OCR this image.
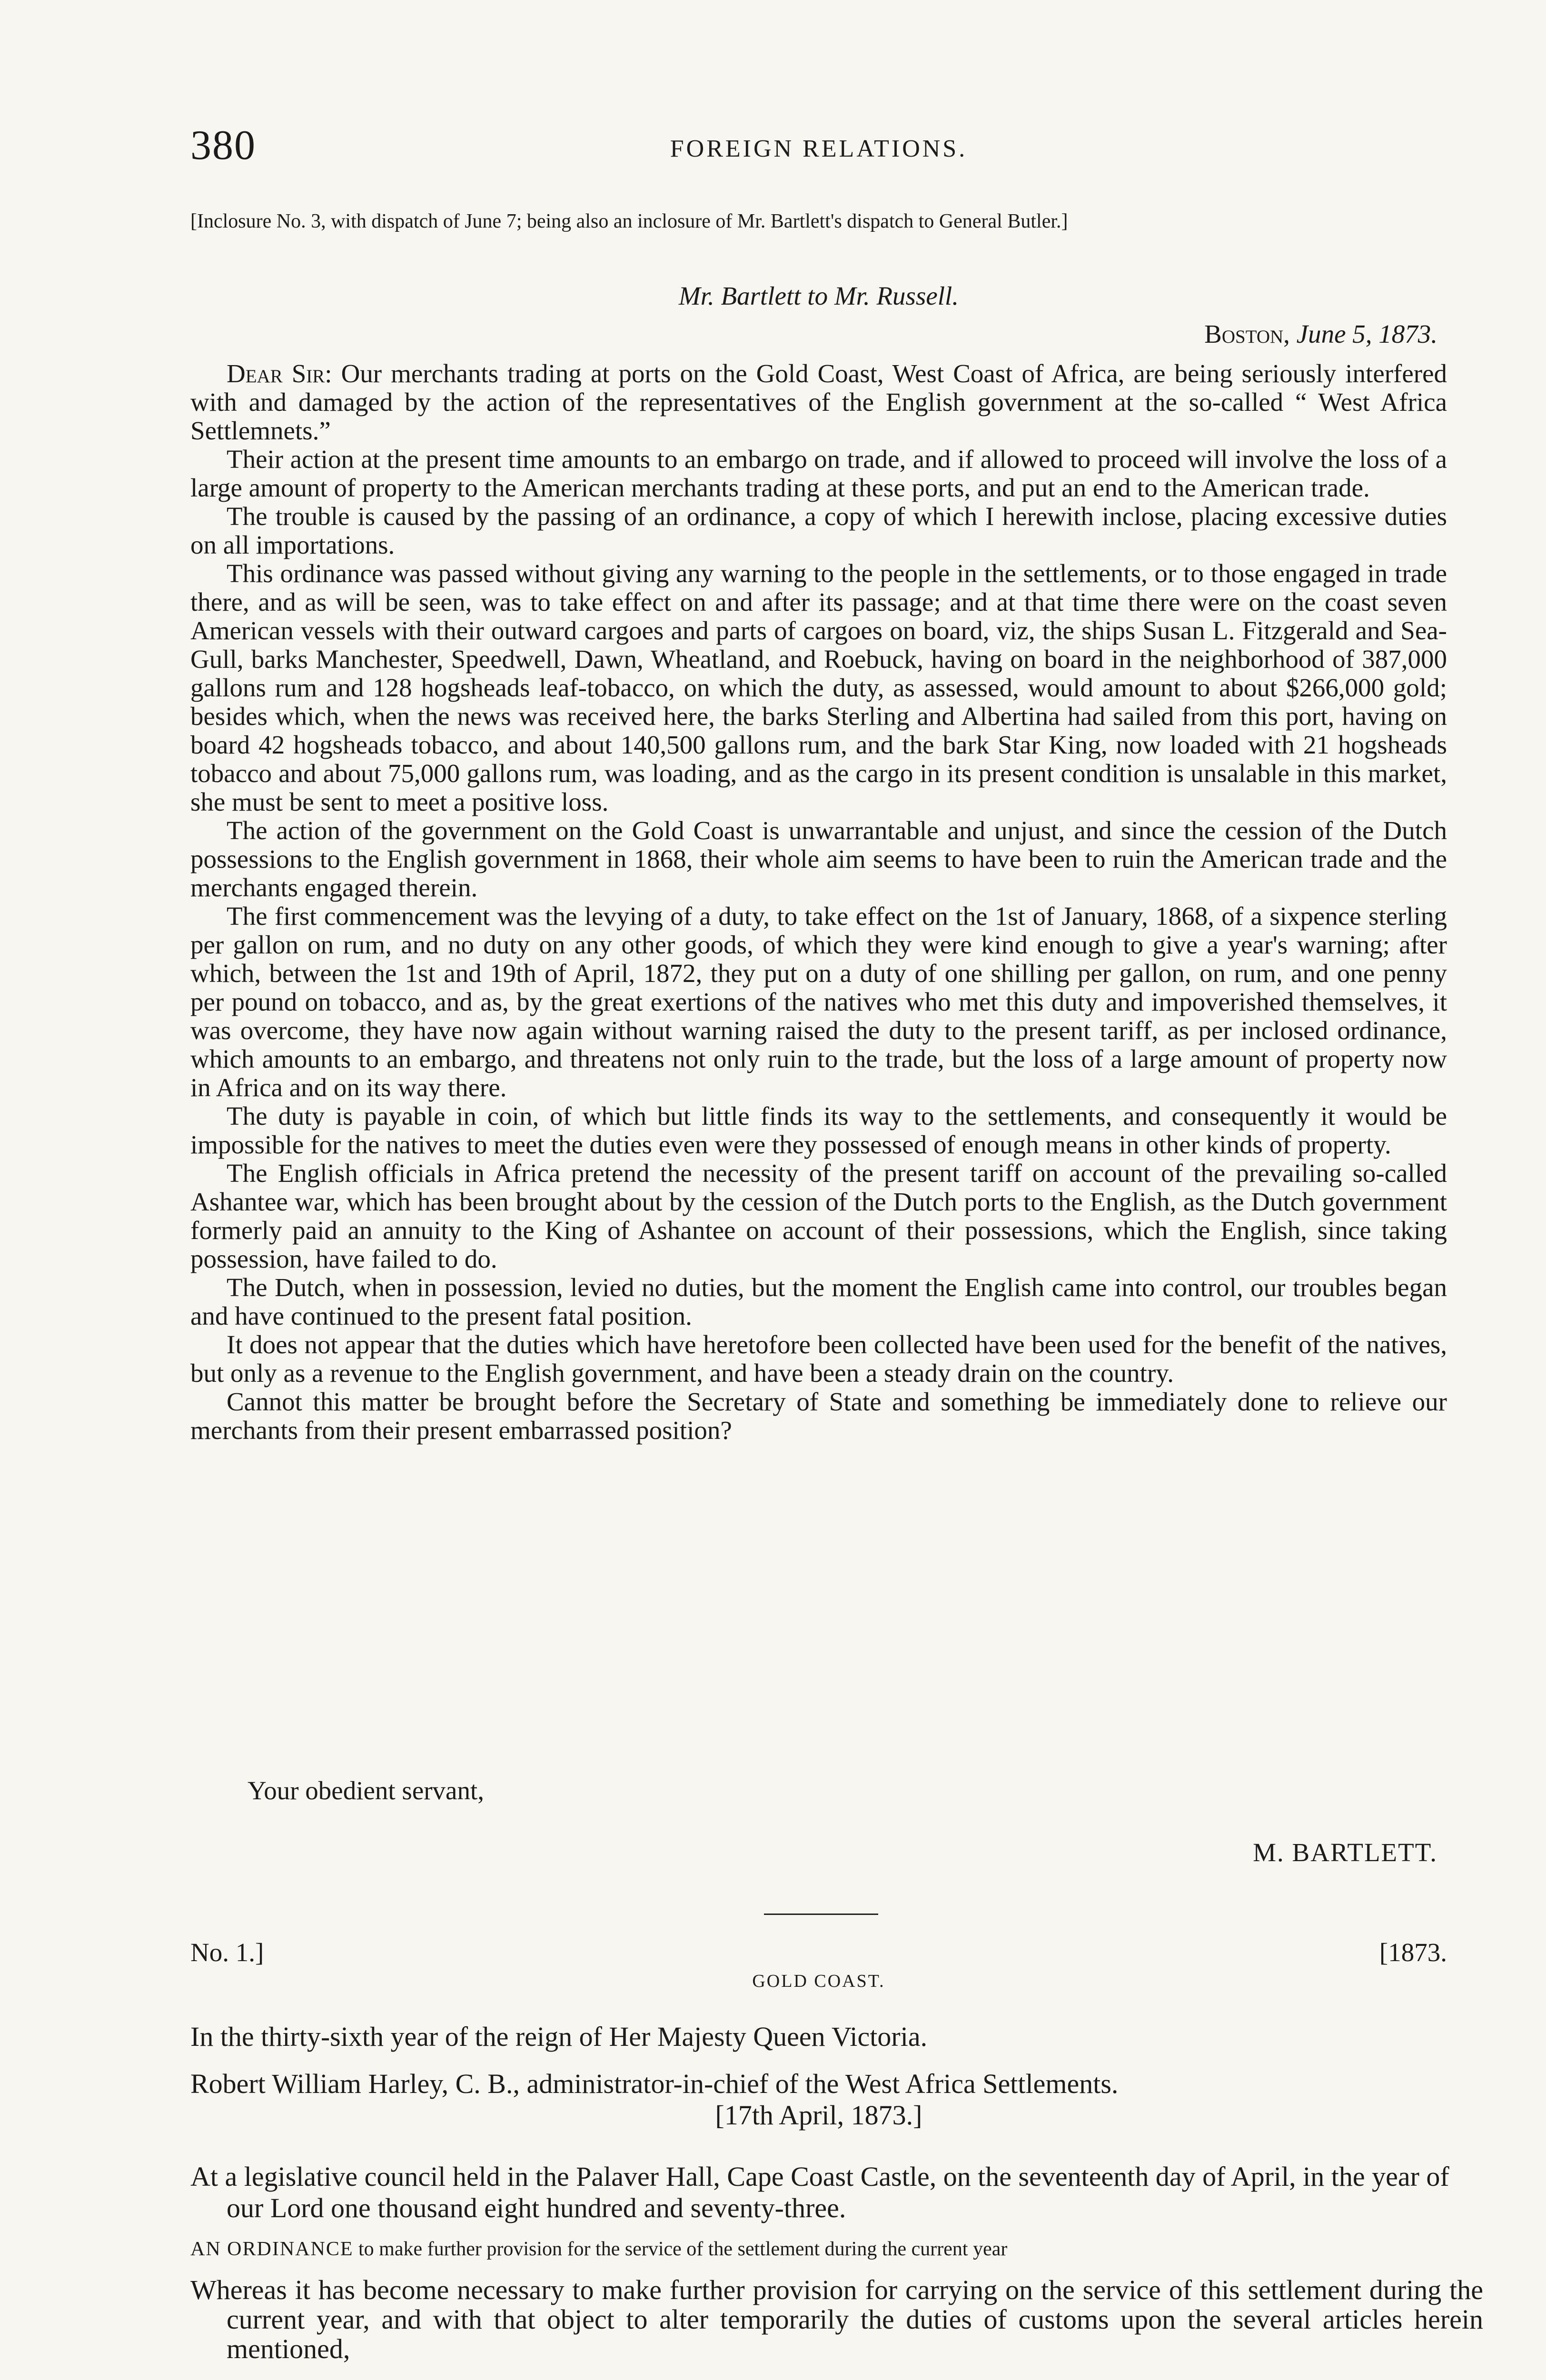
380	FOREIGN RELATIONS.

[Inclosure No. 3, with dispatch of June 7; being also an inclosure of Mr. Bartlett's dispatch to General Butler.]

Mr. Bartlett to Mr. Russell.
Boston, June 5, 1873.

Dear Sir: Our merchants trading at ports on the Gold Coast, West Coast of Africa, are being seriously interfered with and damaged by the action of the representatives of the English government at the so-called “ West Africa Settlemnets.”

Their action at the present time amounts to an embargo on trade, and if allowed to proceed will involve the loss of a large amount of property to the American merchants trading at these ports, and put an end to the American trade.

The trouble is caused by the passing of an ordinance, a copy of which I herewith inclose, placing excessive duties on all importations.

This ordinance was passed without giving any warning to the people in the settlements, or to those engaged in trade there, and as will be seen, was to take effect on and after its passage; and at that time there were on the coast seven American vessels with their outward cargoes and parts of cargoes on board, viz, the ships Susan L. Fitzgerald and Sea-Gull, barks Manchester, Speedwell, Dawn, Wheatland, and Roebuck, having on board in the neighborhood of 387,000 gallons rum and 128 hogsheads leaf-tobacco, on which the duty, as assessed, would amount to about $266,000 gold; besides which, when the news was received here, the barks Sterling and Albertina had sailed from this port, having on board 42 hogsheads tobacco, and about 140,500 gallons rum, and the bark Star King, now loaded with 21 hogsheads tobacco and about 75,000 gallons rum, was loading, and as the cargo in its present condition is unsalable in this market, she must be sent to meet a positive loss.

The action of the government on the Gold Coast is unwarrantable and unjust, and since the cession of the Dutch possessions to the English government in 1868, their whole aim seems to have been to ruin the American trade and the merchants engaged therein.

The first commencement was the levying of a duty, to take effect on the 1st of January, 1868, of a sixpence sterling per gallon on rum, and no duty on any other goods, of which they were kind enough to give a year's warning; after which, between the 1st and 19th of April, 1872, they put on a duty of one shilling per gallon, on rum, and one penny per pound on tobacco, and as, by the great exertions of the natives who met this duty and impoverished themselves, it was overcome, they have now again without warning raised the duty to the present tariff, as per inclosed ordinance, which amounts to an embargo, and threatens not only ruin to the trade, but the loss of a large amount of property now in Africa and on its way there.

The duty is payable in coin, of which but little finds its way to the settlements, and consequently it would be impossible for the natives to meet the duties even were they possessed of enough means in other kinds of property.

The English officials in Africa pretend the necessity of the present tariff on account of the prevailing so-called Ashantee war, which has been brought about by the cession of the Dutch ports to the English, as the Dutch government formerly paid an annuity to the King of Ashantee on account of their possessions, which the English, since taking possession, have failed to do.

The Dutch, when in possession, levied no duties, but the moment the English came into control, our troubles began and have continued to the present fatal position.

It does not appear that the duties which have heretofore been collected have been used for the benefit of the natives, but only as a revenue to the English government, and have been a steady drain on the country.

Cannot this matter be brought before the Secretary of State and something be immediately done to relieve our merchants from their present embarrassed position?

Your obedient servant,
M. BARTLETT.
No. 1.]	[1873.
GOLD COAST.
In the thirty-sixth year of the reign of Her Majesty Queen Victoria.
Robert William Harley, C. B., administrator-in-chief of the West Africa Settlements.
[17th April, 1873.]
At a legislative council held in the Palaver Hall, Cape Coast Castle, on the seventeenth day of April, in the year of our Lord one thousand eight hundred and seventy-three.
AN ORDINANCE to make further provision for the service of the settlement during the current year

Whereas it has become necessary to make further provision for carrying on the service of this settlement during the current year, and with that object to alter temporarily the duties of customs upon the several articles herein mentioned,
